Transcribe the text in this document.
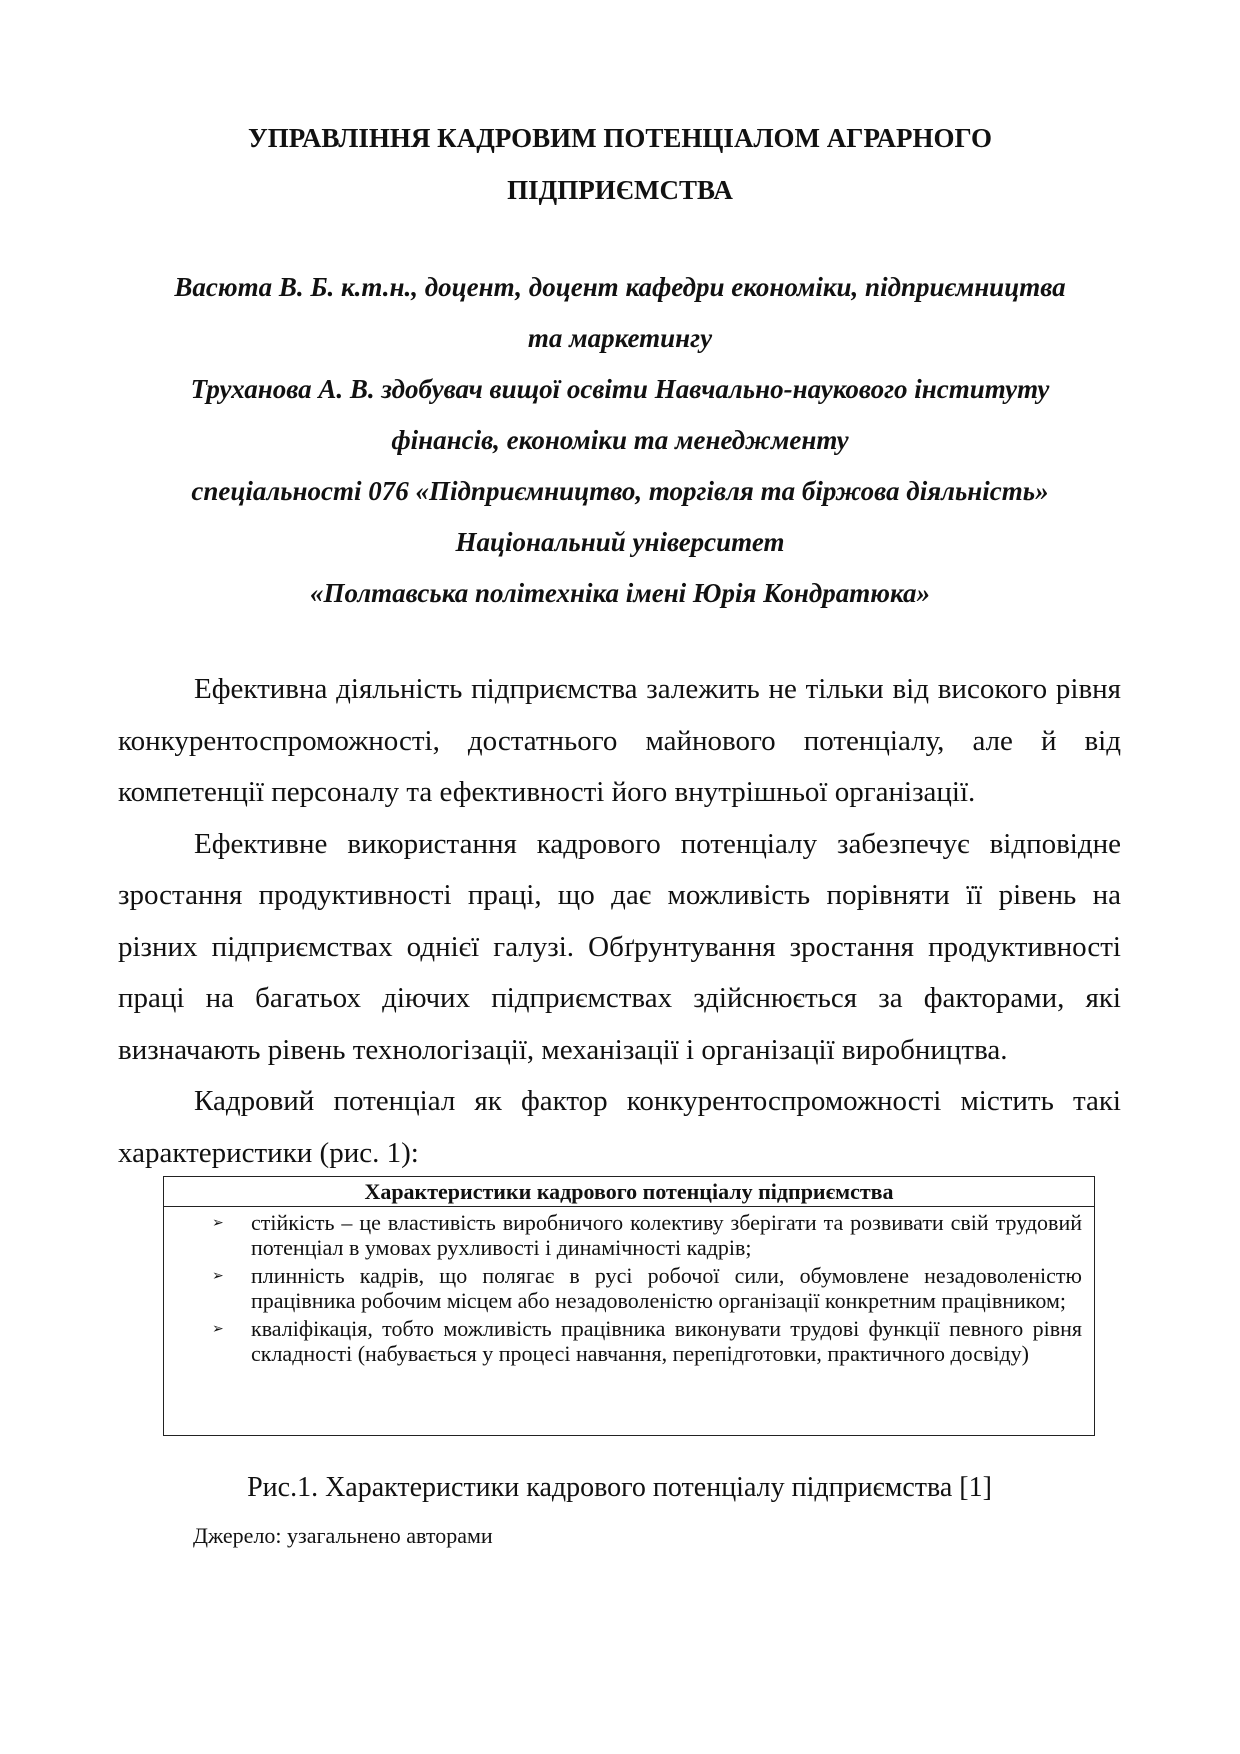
УПРАВЛІННЯ КАДРОВИМ ПОТЕНЦІАЛОМ АГРАРНОГО
ПІДПРИЄМСТВА
Васюта В. Б. к.т.н., доцент, доцент кафедри економіки, підприємництва
та маркетингу
Труханова А. В. здобувач вищої освіти Навчально-наукового інституту
фінансів, економіки та менеджменту
спеціальності 076 «Підприємництво, торгівля та біржова діяльність»
Національний університет
«Полтавська політехніка імені Юрія Кондратюка»

Ефективна діяльність підприємства залежить не тільки від високого рівня конкурентоспроможності, достатнього майнового потенціалу, але й від компетенції персоналу та ефективності його внутрішньої організації.

Ефективне використання кадрового потенціалу забезпечує відповідне зростання продуктивності праці, що дає можливість порівняти її рівень на різних підприємствах однієї галузі. Обґрунтування зростання продуктивності праці на багатьох діючих підприємствах здійснюється за факторами, які визначають рівень технологізації, механізації і організації виробництва.

Кадровий потенціал як фактор конкурентоспроможності містить такі характеристики (рис. 1):

Характеристики кадрового потенціалу підприємства
➢ стійкість – це властивість виробничого колективу зберігати та розвивати свій трудовий потенціал в умовах рухливості і динамічності кадрів;
➢ плинність кадрів, що полягає в русі робочої сили, обумовлене незадоволеністю працівника робочим місцем або незадоволеністю організації конкретним працівником;
➢ кваліфікація, тобто можливість працівника виконувати трудові функції певного рівня складності (набувається у процесі навчання, перепідготовки, практичного досвіду)

Рис.1. Характеристики кадрового потенціалу підприємства [1]

Джерело: узагальнено авторами
